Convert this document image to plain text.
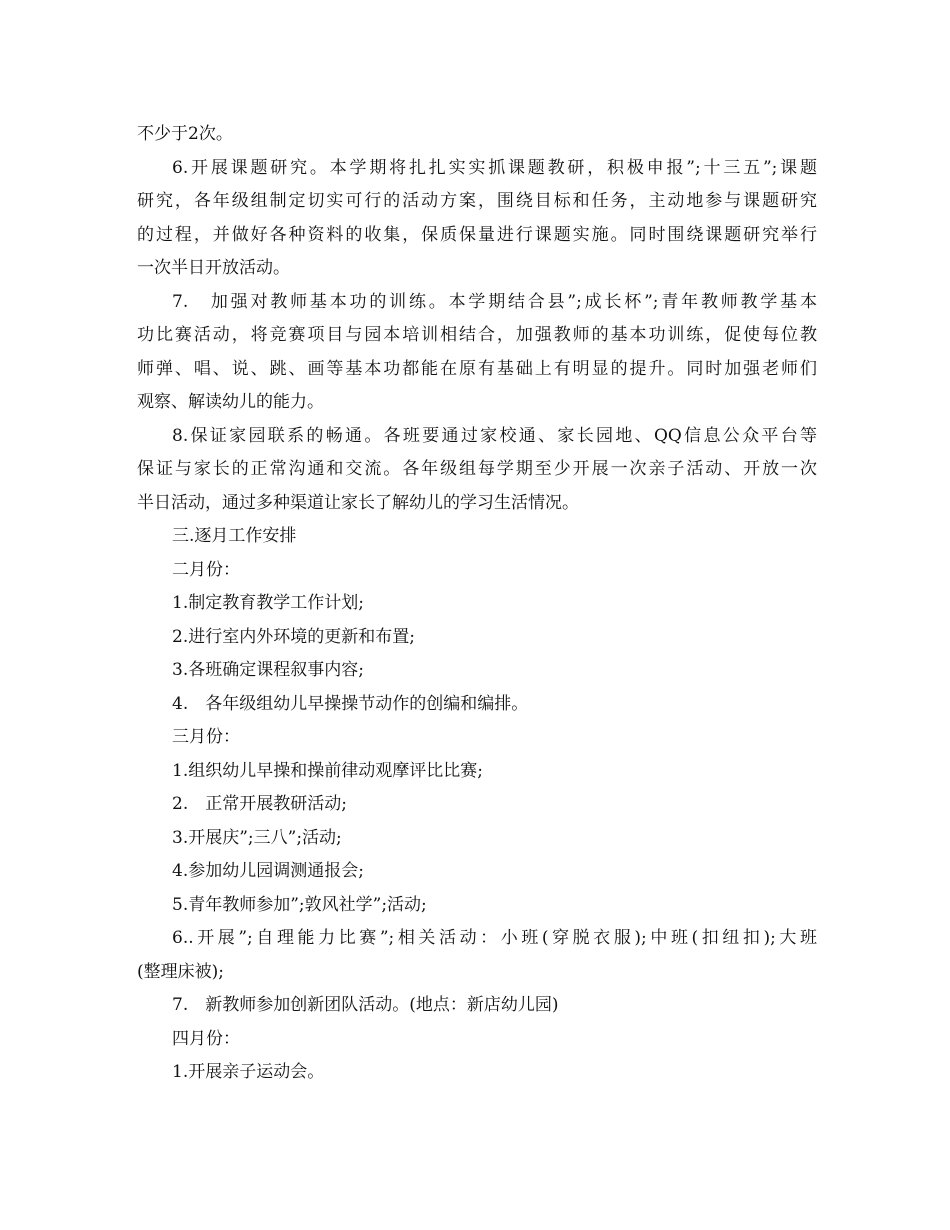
不少于2次。
6.开展课题研究。本学期将扎扎实实抓课题教研，积极申报”;十三五”;课题
研究，各年级组制定切实可行的活动方案，围绕目标和任务，主动地参与课题研究
的过程，并做好各种资料的收集，保质保量进行课题实施。同时围绕课题研究举行
一次半日开放活动。
7.　加强对教师基本功的训练。本学期结合县”;成长杯”;青年教师教学基本
功比赛活动，将竞赛项目与园本培训相结合，加强教师的基本功训练，促使每位教
师弹、唱、说、跳、画等基本功都能在原有基础上有明显的提升。同时加强老师们
观察、解读幼儿的能力。
8.保证家园联系的畅通。各班要通过家校通、家长园地、QQ信息公众平台等
保证与家长的正常沟通和交流。各年级组每学期至少开展一次亲子活动、开放一次
半日活动，通过多种渠道让家长了解幼儿的学习生活情况。
三.逐月工作安排
二月份：
1.制定教育教学工作计划;
2.进行室内外环境的更新和布置;
3.各班确定课程叙事内容;
4.　各年级组幼儿早操操节动作的创编和编排。
三月份：
1.组织幼儿早操和操前律动观摩评比比赛;
2.　正常开展教研活动;
3.开展庆”;三八”;活动;
4.参加幼儿园调测通报会;
5.青年教师参加”;敦风社学”;活动;
6..开展”;自理能力比赛”;相关活动：小班(穿脱衣服);中班(扣纽扣);大班
(整理床被);
7.　新教师参加创新团队活动。(地点：新店幼儿园)
四月份：
1.开展亲子运动会。
